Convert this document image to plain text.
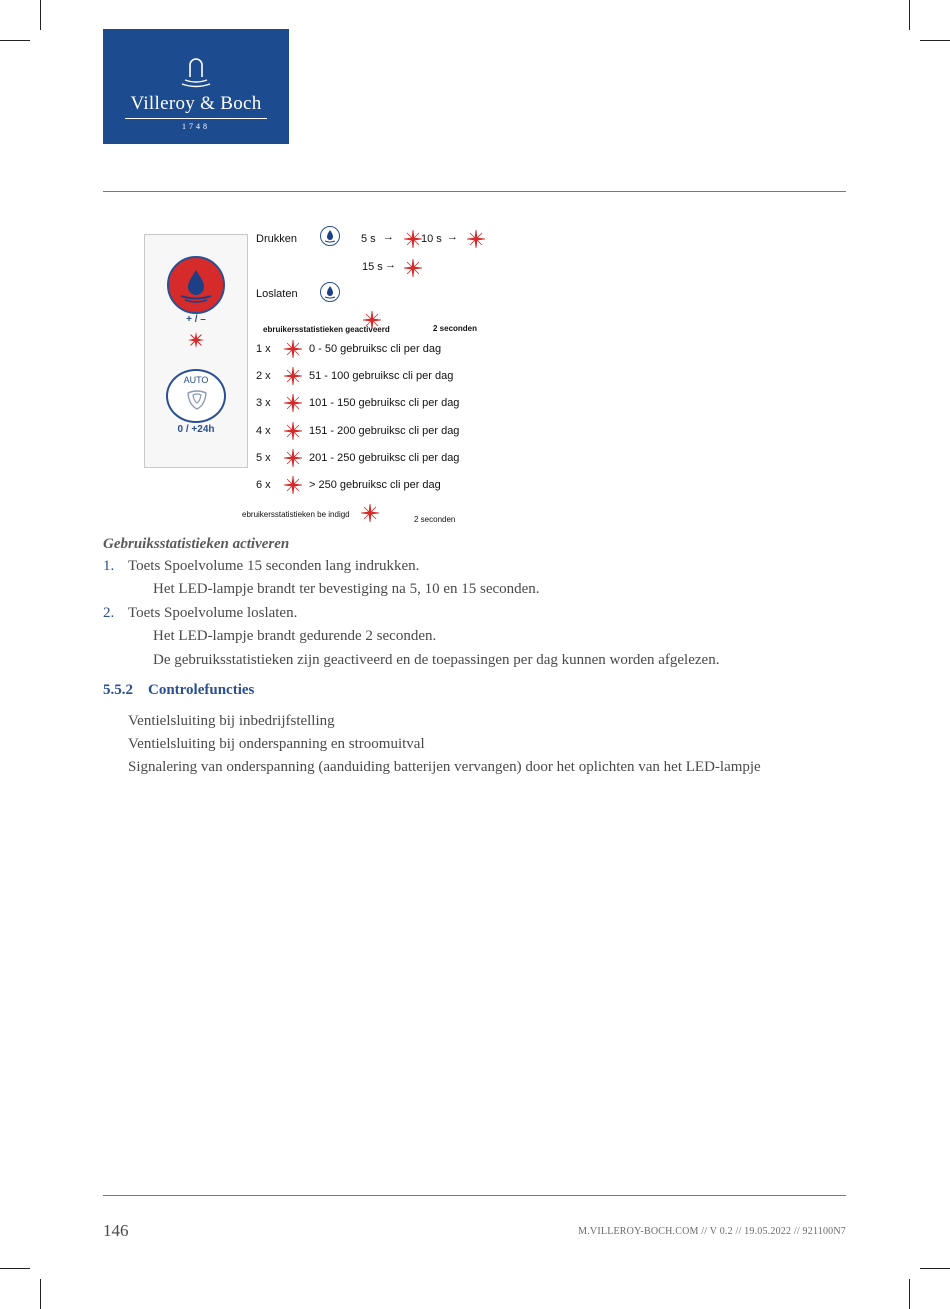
Villeroy & Boch
1748
+ / –
AUTO
0 / +24h
Drukken	5 s → 10 s →
15 s →
Loslaten
ebruikersstatistieken geactiveerd	2 seconden
1 x	0 - 50 gebruiksc cli per dag
2 x	51 - 100 gebruiksc cli per dag
3 x	101 - 150 gebruiksc cli per dag
4 x	151 - 200 gebruiksc cli per dag
5 x	201 - 250 gebruiksc cli per dag
6 x	> 250 gebruiksc cli per dag
ebruikersstatistieken be indigd
2 seconden
Gebruiksstatistieken activeren
1. Toets Spoelvolume 15 seconden lang indrukken.
Het LED-lampje brandt ter bevestiging na 5, 10 en 15 seconden.
2. Toets Spoelvolume loslaten.
Het LED-lampje brandt gedurende 2 seconden.
De gebruiksstatistieken zijn geactiveerd en de toepassingen per dag kunnen worden afgelezen.
5.5.2 Controlefuncties
Ventielsluiting bij inbedrijfstelling
Ventielsluiting bij onderspanning en stroomuitval
Signalering van onderspanning (aanduiding batterijen vervangen) door het oplichten van het LED-lampje
146	M.VILLEROY-BOCH.COM // V 0.2 // 19.05.2022 // 921100N7
